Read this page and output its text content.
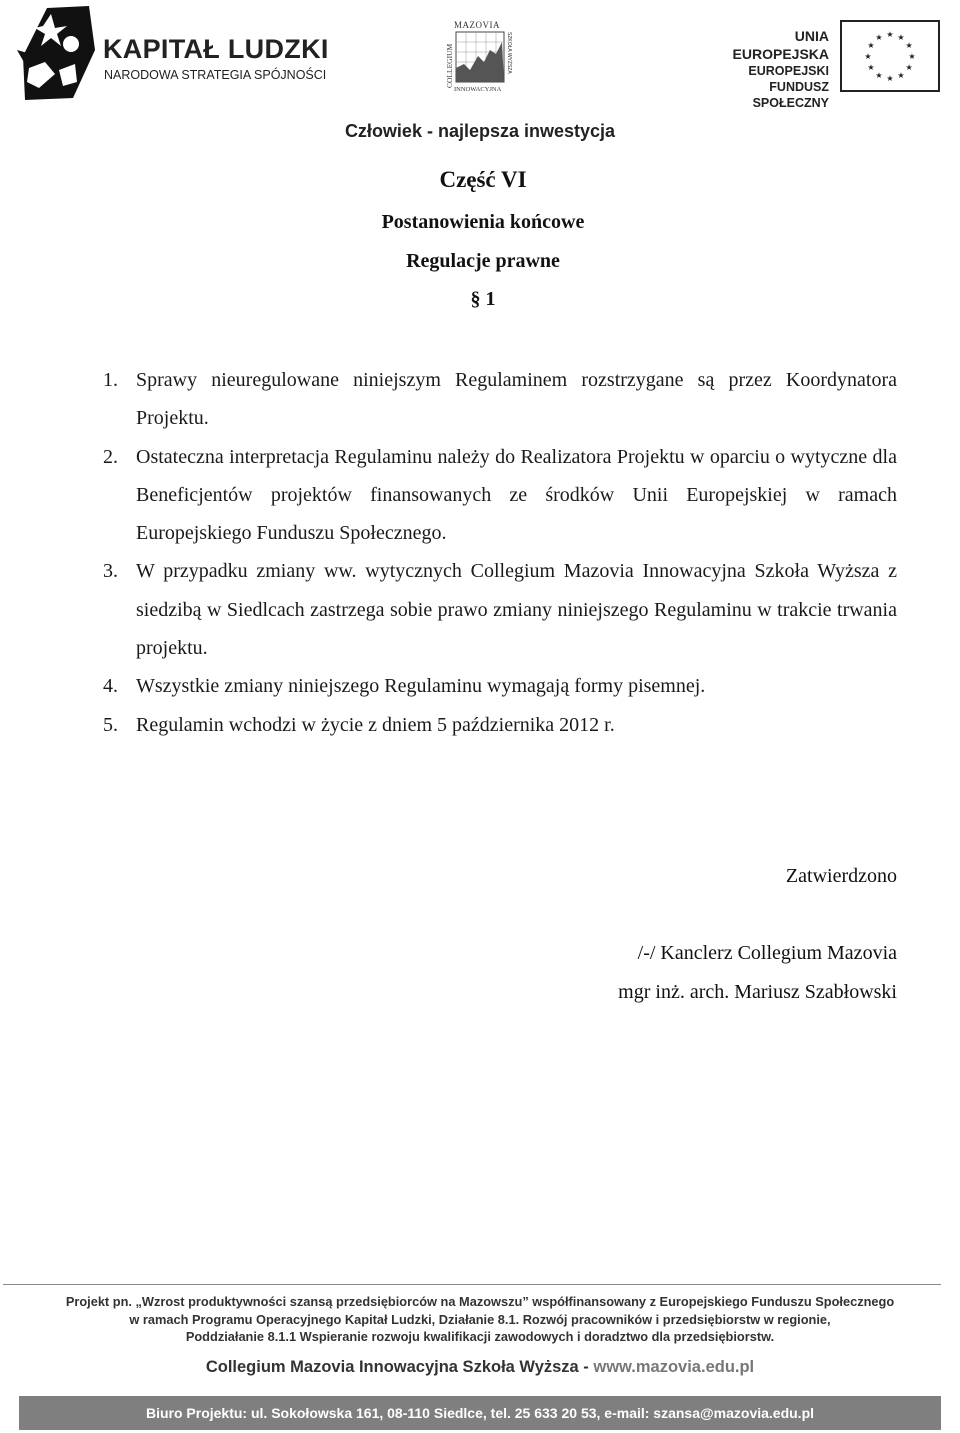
KAPITAŁ LUDZKI
NARODOWA STRATEGIA SPÓJNOŚCI
MAZOVIA
COLLEGIUM	SZKOŁA WYŻSZA
INNOWACYJNA
UNIA EUROPEJSKA
EUROPEJSKI
FUNDUSZ SPOŁECZNY
★
★
★
★
★
★
★
★
★ ★ ★
★
Człowiek - najlepsza inwestycja
Część VI
Postanowienia końcowe
Regulacje prawne
§ 1
1. Sprawy nieuregulowane niniejszym Regulaminem rozstrzygane są przez Koordynatora Projektu.
2. Ostateczna interpretacja Regulaminu należy do Realizatora Projektu w oparciu o wytyczne dla Beneficjentów projektów finansowanych ze środków Unii Europejskiej w ramach Europejskiego Funduszu Społecznego.
3. W przypadku zmiany ww. wytycznych Collegium Mazovia Innowacyjna Szkoła Wyższa z siedzibą w Siedlcach zastrzega sobie prawo zmiany niniejszego Regulaminu w trakcie trwania projektu.
4. Wszystkie zmiany niniejszego Regulaminu wymagają formy pisemnej.
5. Regulamin wchodzi w życie z dniem 5 października 2012 r.
Zatwierdzono
/-/ Kanclerz Collegium Mazovia
mgr inż. arch. Mariusz Szabłowski
Projekt pn. „Wzrost produktywności szansą przedsiębiorców na Mazowszu” współfinansowany z Europejskiego Funduszu Społecznego
w ramach Programu Operacyjnego Kapitał Ludzki, Działanie 8.1. Rozwój pracowników i przedsiębiorstw w regionie,
Poddziałanie 8.1.1 Wspieranie rozwoju kwalifikacji zawodowych i doradztwo dla przedsiębiorstw.
Collegium Mazovia Innowacyjna Szkoła Wyższa - www.mazovia.edu.pl
Biuro Projektu: ul. Sokołowska 161, 08-110 Siedlce, tel. 25 633 20 53, e-mail: szansa@mazovia.edu.pl
